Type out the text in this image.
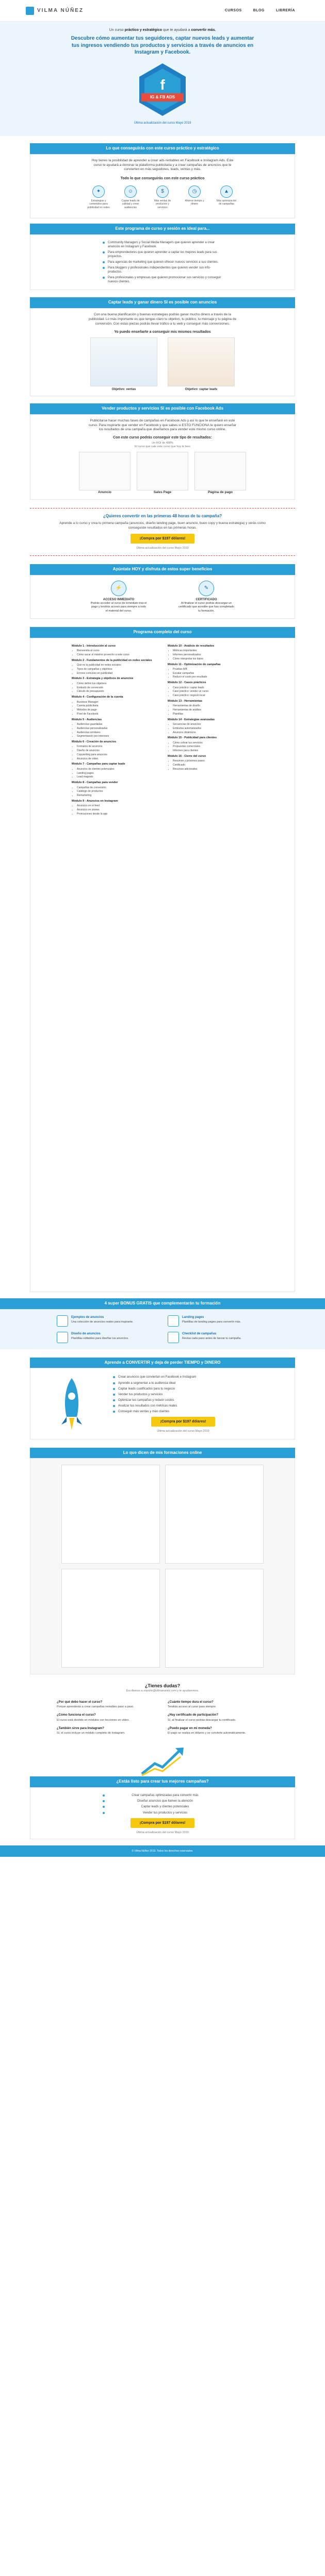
VILMA NÚÑEZ	CURSOS	BLOG	LIBRERÍA
Un curso práctico y estratégico que te ayudará a convertir más.
Descubre cómo aumentar tus seguidores, captar nuevos leads y aumentar tus ingresos vendiendo tus productos y servicios a través de anuncios en Instagram y Facebook.
f
IG & FB ADS
Última actualización del curso Mayo 2019
Lo que conseguirás con este curso práctico y estratégico
Hoy tienes la posibilidad de aprender a crear ads rentables en Facebook e Instagram Ads. Este curso te ayudará a dominar la plataforma publicitaria y a crear campañas de anuncios que te convierten en más seguidores, leads, ventas y más.
Todo lo que conseguirás con este curso práctico
✦
Estrategias y contenidos para publicidad en redes
☺
Captar leads de calidad y crear audiencias
$
Más ventas de productos y servicios
◷
Ahorrar tiempo y dinero
▲
Más optimización de campañas
Este programa de curso y sesión es ideal para...
Community Managers y Social Media Managers que quieren aprender a crear anuncios en Instagram y Facebook.
Para emprendedores que quieren aprender a captar los mejores leads para sus proyectos.
Para agencias de marketing que quieren ofrecer nuevos servicios a sus clientes.
Para bloggers y profesionales independientes que quieren vender sus info-productos.
Para profesionales y empresas que quieren promocionar sus servicios y conseguir nuevos clientes.
Captar leads y ganar dinero SI es posible con anuncios
Con una buena planificación y buenas estrategias podrás ganar mucho dinero a través de la publicidad. Lo más importante es que tengas claro tu objetivo, tu público, tu mensaje y tu página de conversión. Con estas piezas podrás llevar tráfico a tu web y conseguir más conversiones.
Yo puedo enseñarte a conseguir mis mismos resultados
Objetivo: ventas	Objetivo: captar leads
Vender productos y servicios SI es posible con Facebook Ads
Publicitarse hacer muchas fases de campañas en Facebook Ads y así lo que te enseñaré en este curso. Para inspirarte que vender en Facebook y que sabes si ESTO FUNCIONA te quiero enseñar los resultados de una campaña que diseñamos para vender este mismo curso online.
Con este curso podrás conseguir este tipo de resultados:
Un ROI de 488%
El curso que vale este curso que hoy te lees
Anuncio	Sales Page	Página de pago
¿Quieres convertir en las primeras 48 horas de tu campaña?
Aprende a lo curso y crea tu primera campaña (anuncios, diseño landing page, buen anuncio, buen copy y buena estrategia) y verás como conseguiste resultados en las primeras horas.
¡Compra por $197 dólares!
Última actualización del curso Mayo 2019
Apúntate HOY y disfruta de estos super beneficios
⚡
ACCESO INMEDIATO
Podrás acceder al curso de inmediato tras el pago y tendrás acceso para siempre a todo el material del curso.
✎
CERTIFICADO
Al finalizar el curso podrás descargar un certificado que acredite que has completado tu formación.
Programa completo del curso
Módulo 1 - Introducción al curso
• Bienvenida al curso
• Cómo sacar el máximo provecho a este curso
Módulo 2 - Fundamentos de la publicidad en redes sociales
• Qué es la publicidad en redes sociales
• Tipos de campañas y objetivos
• Errores comunes en publicidad
Módulo 3 - Estrategia y objetivos de anuncios
• Cómo definir tus objetivos
• Embudo de conversión
• Cálculo de presupuesto
Módulo 4 - Configuración de la cuenta
• Business Manager
• Cuenta publicitaria
• Métodos de pago
• Píxel de Facebook
Módulo 5 - Audiencias
• Audiencias guardadas
• Audiencias personalizadas
• Audiencias similares
• Segmentación por intereses
Módulo 6 - Creación de anuncios
• Formatos de anuncios
• Diseño de anuncios
• Copywriting para anuncios
• Anuncios de vídeo
Módulo 7 - Campañas para captar leads
• Anuncios de clientes potenciales
• Landing pages
• Lead magnets
Módulo 8 - Campañas para vender
• Campañas de conversión
• Catálogo de productos
• Remarketing
Módulo 9 - Anuncios en Instagram
• Anuncios en el feed
• Anuncios en stories
• Promociones desde la app
Módulo 10 - Análisis de resultados
• Métricas importantes
• Informes personalizados
• Cómo interpretar los datos
Módulo 11 - Optimización de campañas
• Pruebas A/B
• Escalar campañas
• Reducir el costo por resultado
Módulo 12 - Casos prácticos
• Caso práctico: captar leads
• Caso práctico: vender un curso
• Caso práctico: negocio local
Módulo 13 - Herramientas
• Herramientas de diseño
• Herramientas de análisis
• Plantillas
Módulo 14 - Estrategias avanzadas
• Secuencias de anuncios
• Embudos automatizados
• Anuncios dinámicos
Módulo 15 - Publicidad para clientes
• Cómo cobrar tus servicios
• Propuestas comerciales
• Informes para clientes
Módulo 16 - Cierre del curso
• Resumen y próximos pasos
• Certificado
• Recursos adicionales
4 super BONUS GRATIS que complementarán tu formación
Ejemplos de anuncios
Una colección de anuncios reales para inspirarte.
Landing pages
Plantillas de landing pages para convertir más.
Diseño de anuncios
Plantillas editables para diseñar tus anuncios.
Checklist de campañas
Revisa cada paso antes de lanzar tu campaña.
Aprende a CONVERTIR y deja de perder TIEMPO y DINERO
Crear anuncios que conviertan en Facebook e Instagram
Aprende a segmentar a tu audiencia ideal
Captar leads cualificados para tu negocio
Vender tus productos y servicios
Optimizar tus campañas y reducir costos
Analizar tus resultados con métricas reales
Conseguir más ventas y más clientes
¡Compra por $197 dólares!
Última actualización del curso Mayo 2019
Lo que dicen de mis formaciones online
¿Tienes dudas?
Escríbenos a soporte@vilmanunez.com y te ayudaremos.
¿Por qué debo hacer el curso?
Porque aprenderás a crear campañas rentables paso a paso.
¿Cuánto tiempo dura el curso?
Tendrás acceso al curso para siempre.
¿Cómo funciona el curso?
El curso está dividido en módulos con lecciones en vídeo.
¿Hay certificado de participación?
Sí, al finalizar el curso podrás descargar tu certificado.
¿También sirve para Instagram?
Sí, el curso incluye un módulo completo de Instagram.
¿Puedo pagar en mi moneda?
El pago se realiza en dólares y se convierte automáticamente.
¿Estás listo para crear tus mejores campañas?
Crear campañas optimizadas para convertir más
Diseñar anuncios que llamen la atención
Captar leads y clientes potenciales
Vender tus productos y servicios
¡Compra por $197 dólares!
Última actualización del curso Mayo 2019
© Vilma Núñez 2019. Todos los derechos reservados.
